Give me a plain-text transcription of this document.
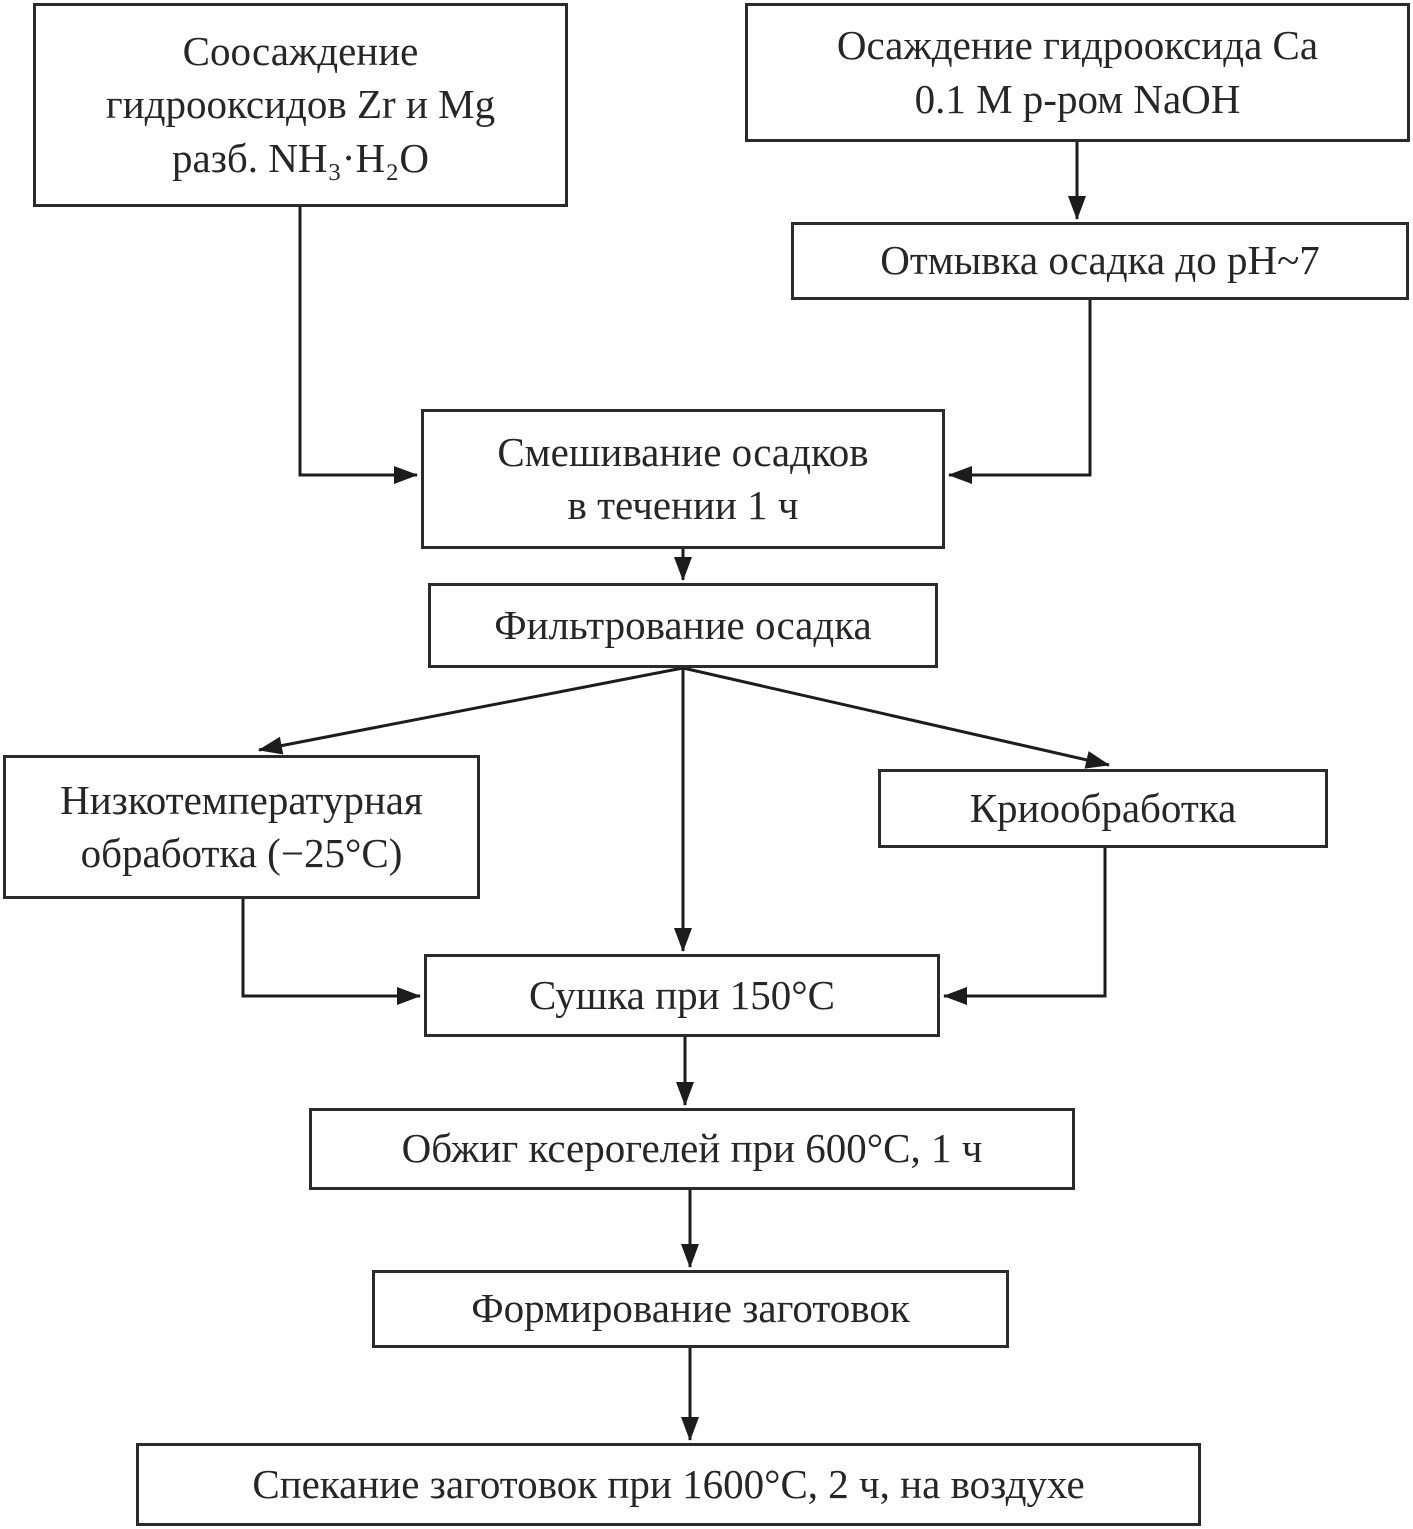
Соосаждение
гидрооксидов Zr и Mg
разб. NH₃·H₂O
Осаждение гидрооксида Ca
0.1 М р-ром NaOH
Отмывка осадка до pH~7
Смешивание осадков
в течении 1 ч
Фильтрование осадка
Низкотемпературная
обработка (−25°C)
Криообработка
Сушка при 150°C
Обжиг ксерогелей при 600°C, 1 ч
Формирование заготовок
Спекание заготовок при 1600°C, 2 ч, на воздухе
